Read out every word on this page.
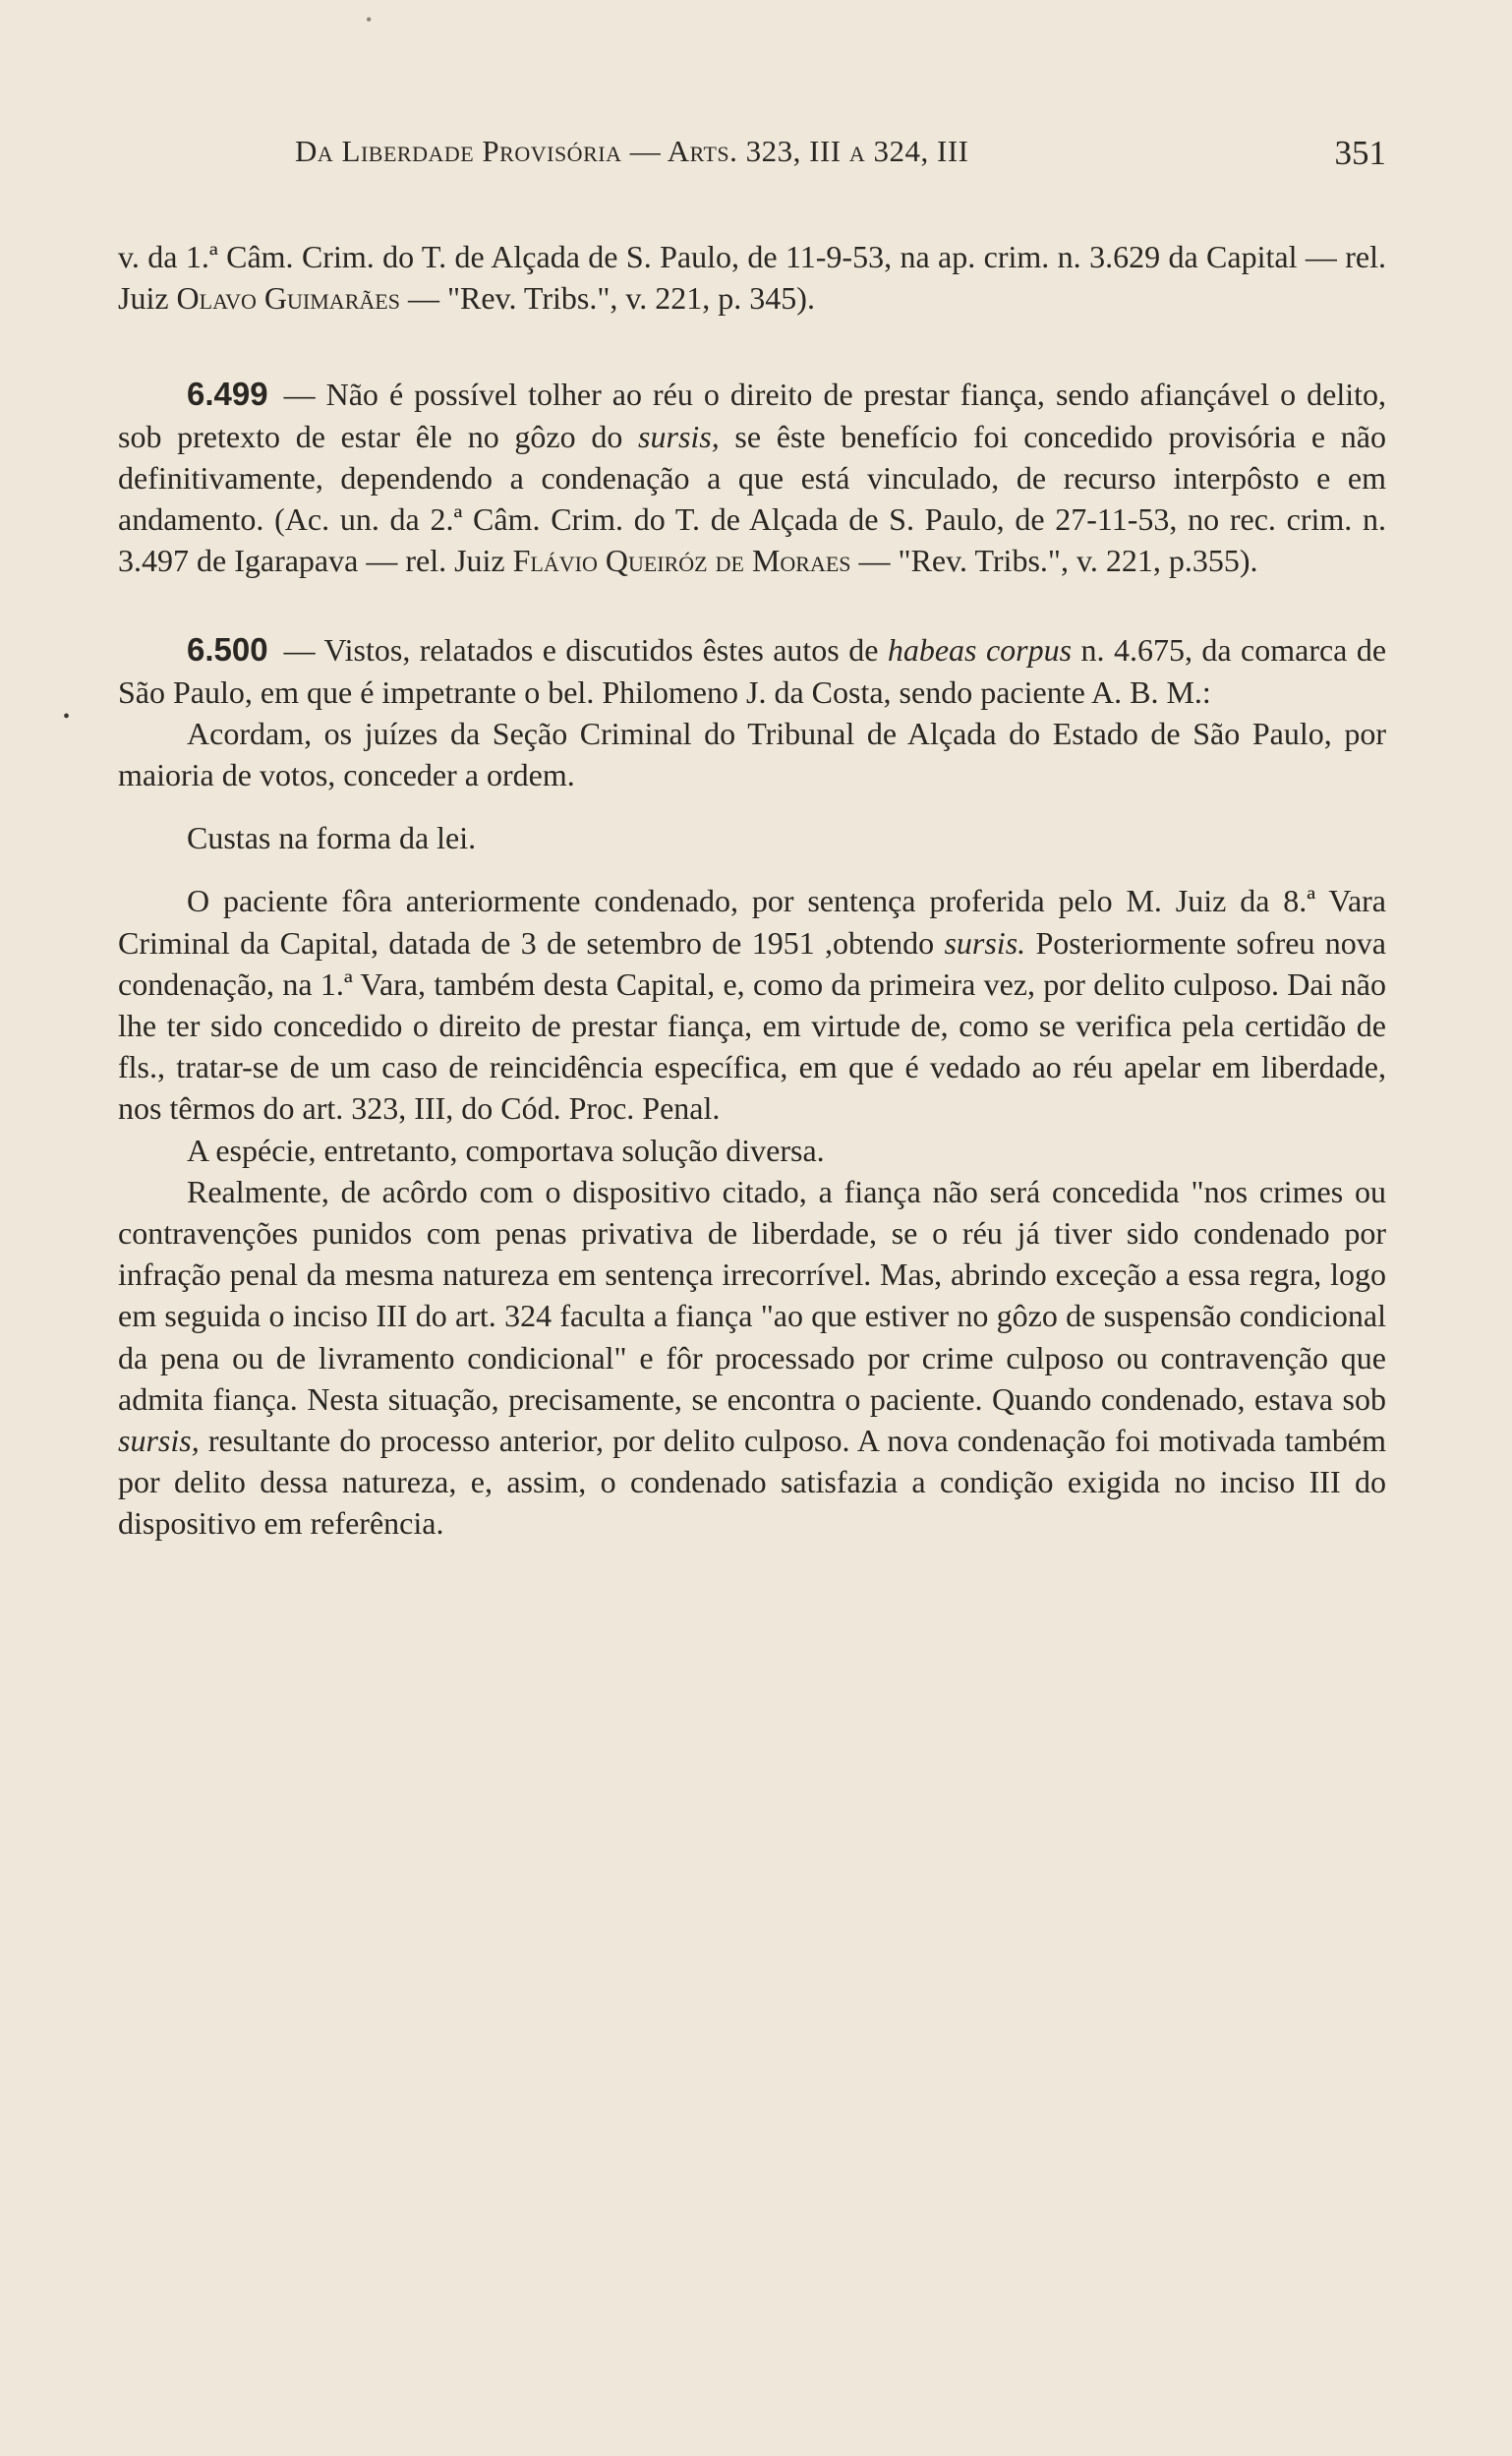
•
Da Liberdade Provisória — Arts. 323, III a 324, III	351
•

v. da 1.ª Câm. Crim. do T. de Alçada de S. Paulo, de 11-9-53, na ap. crim. n. 3.629 da Capital — rel. Juiz Olavo Guimarães — "Rev. Tribs.", v. 221, p. 345).

6.499 — Não é possível tolher ao réu o direito de prestar fiança, sendo afiançável o delito, sob pretexto de estar êle no gôzo do sursis, se êste benefício foi concedido provisória e não definitivamente, dependendo a condenação a que está vinculado, de recurso interpôsto e em andamento. (Ac. un. da 2.ª Câm. Crim. do T. de Alçada de S. Paulo, de 27-11-53, no rec. crim. n. 3.497 de Igarapava — rel. Juiz Flávio Queiróz de Moraes — "Rev. Tribs.", v. 221, p.355).

6.500 — Vistos, relatados e discutidos êstes autos de habeas corpus n. 4.675, da comarca de São Paulo, em que é impetrante o bel. Philomeno J. da Costa, sendo paciente A. B. M.:

Acordam, os juízes da Seção Criminal do Tribunal de Alçada do Estado de São Paulo, por maioria de votos, conceder a ordem.

Custas na forma da lei.

O paciente fôra anteriormente condenado, por sentença proferida pelo M. Juiz da 8.ª Vara Criminal da Capital, datada de 3 de setembro de 1951 ,obtendo sursis. Posteriormente sofreu nova condenação, na 1.ª Vara, também desta Capital, e, como da primeira vez, por delito culposo. Dai não lhe ter sido concedido o direito de prestar fiança, em virtude de, como se verifica pela certidão de fls., tratar-se de um caso de reincidência específica, em que é vedado ao réu apelar em liberdade, nos têrmos do art. 323, III, do Cód. Proc. Penal.

A espécie, entretanto, comportava solução diversa.

Realmente, de acôrdo com o dispositivo citado, a fiança não será concedida "nos crimes ou contravenções punidos com penas privativa de liberdade, se o réu já tiver sido condenado por infração penal da mesma natureza em sentença irrecorrível. Mas, abrindo exceção a essa regra, logo em seguida o inciso III do art. 324 faculta a fiança "ao que estiver no gôzo de suspensão condicional da pena ou de livramento condicional" e fôr processado por crime culposo ou contravenção que admita fiança. Nesta situação, precisamente, se encontra o paciente. Quando condenado, estava sob sursis, resultante do processo anterior, por delito culposo. A nova condenação foi motivada também por delito dessa natureza, e, assim, o condenado satisfazia a condição exigida no inciso III do dispositivo em referência.
